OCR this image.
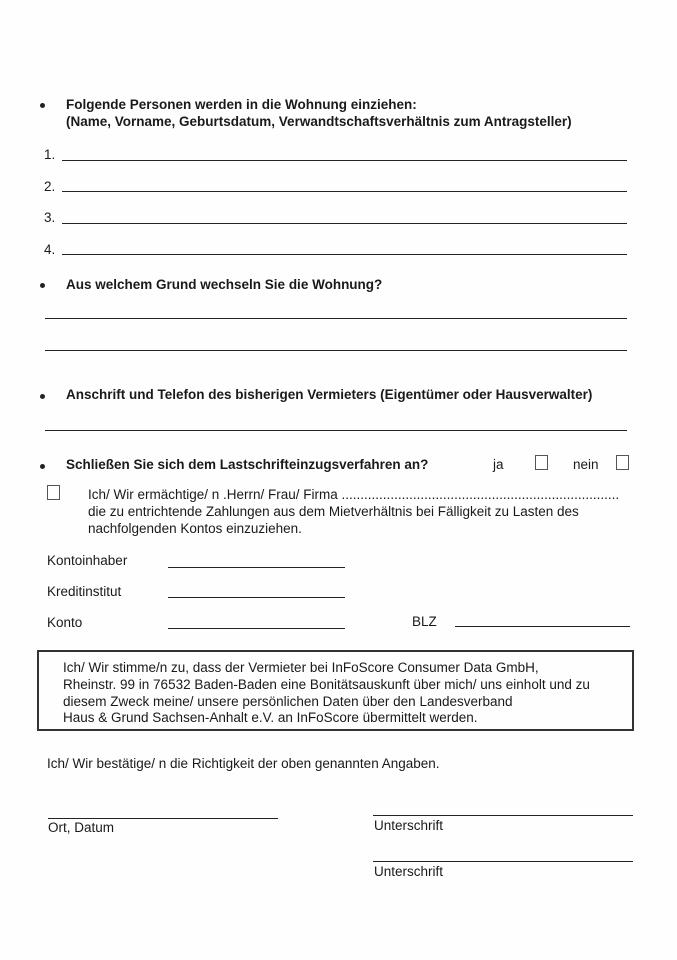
Folgende Personen werden in die Wohnung einziehen:
(Name, Vorname, Geburtsdatum, Verwandtschaftsverhältnis zum Antragsteller)
1.
2.
3.
4.
Aus welchem Grund wechseln Sie die Wohnung?
Anschrift und Telefon des bisherigen Vermieters (Eigentümer oder Hausverwalter)
Schließen Sie sich dem Lastschrifteinzugsverfahren an?	ja	nein
Ich/ Wir ermächtige/ n .Herrn/ Frau/ Firma ..........................................................................
die zu entrichtende Zahlungen aus dem Mietverhältnis bei Fälligkeit zu Lasten des
nachfolgenden Kontos einzuziehen.
Kontoinhaber
Kreditinstitut
Konto	BLZ
Ich/ Wir stimme/n zu, dass der Vermieter bei InFoScore Consumer Data GmbH,
Rheinstr. 99 in 76532 Baden-Baden eine Bonitätsauskunft über mich/ uns einholt und zu
diesem Zweck meine/ unsere persönlichen Daten über den Landesverband
Haus & Grund Sachsen-Anhalt e.V. an InFoScore übermittelt werden.
Ich/ Wir bestätige/ n die Richtigkeit der oben genannten Angaben.
Ort, Datum	Unterschrift
Unterschrift
